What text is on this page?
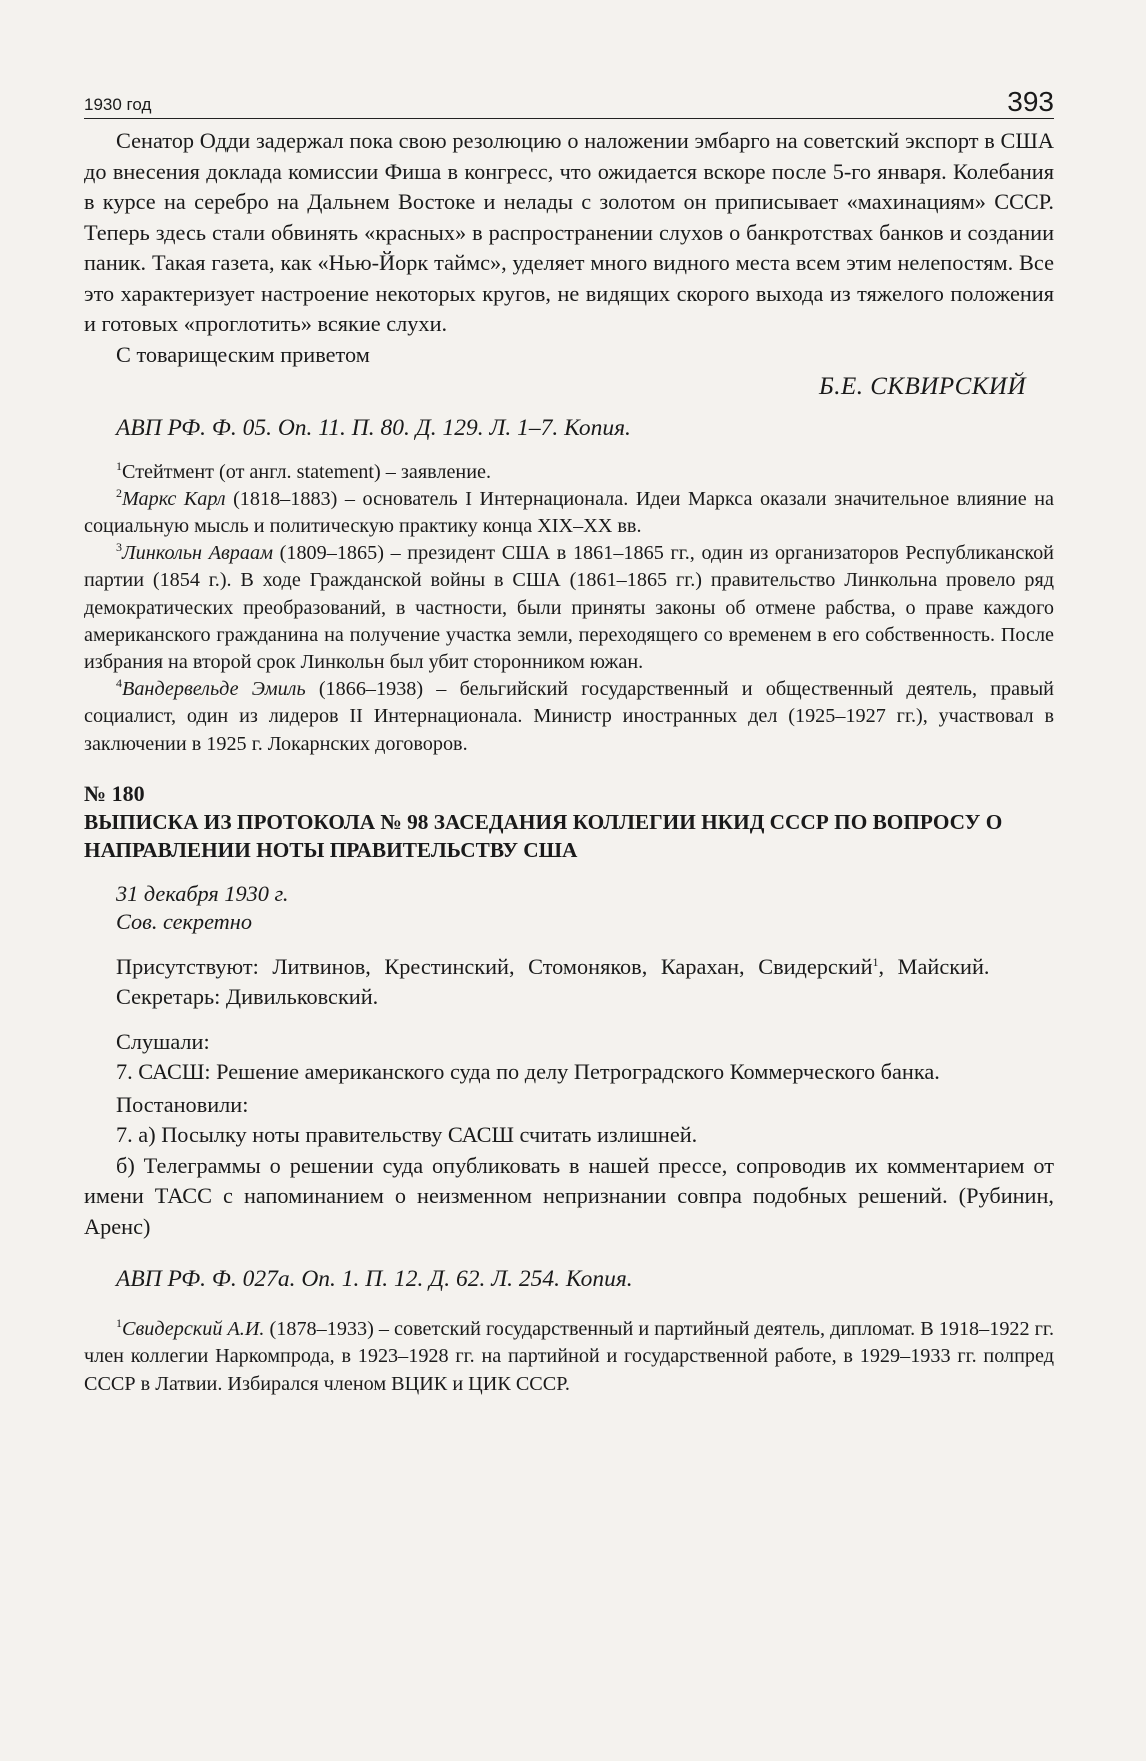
1930 год	393

Сенатор Одди задержал пока свою резолюцию о наложении эмбарго на советский экспорт в США до внесения доклада комиссии Фиша в конгресс, что ожидается вскоре после 5-го января. Колебания в курсе на серебро на Дальнем Востоке и нелады с золотом он приписывает «махинациям» СССР. Теперь здесь стали обвинять «красных» в распространении слухов о банкротствах банков и создании паник. Такая газета, как «Нью-Йорк таймс», уделяет много видного места всем этим нелепостям. Все это характеризует настроение некоторых кругов, не видящих скорого выхода из тяжелого положения и готовых «проглотить» всякие слухи.

С товарищеским приветом
Б.Е. СКВИРСКИЙ

АВП РФ. Ф. 05. Оп. 11. П. 80. Д. 129. Л. 1–7. Копия.

$^1$Стейтмент (от англ. statement) – заявление.

$^2$Маркс Карл (1818–1883) – основатель I Интернационала. Идеи Маркса оказали значительное влияние на социальную мысль и политическую практику конца XIX–XX вв.

$^3$Линкольн Авраам (1809–1865) – президент США в 1861–1865 гг., один из организаторов Республиканской партии (1854 г.). В ходе Гражданской войны в США (1861–1865 гг.) правительство Линкольна провело ряд демократических преобразований, в частности, были приняты законы об отмене рабства, о праве каждого американского гражданина на получение участка земли, переходящего со временем в его собственность. После избрания на второй срок Линкольн был убит сторонником южан.

$^4$Вандервельде Эмиль (1866–1938) – бельгийский государственный и общественный деятель, правый социалист, один из лидеров II Интернационала. Министр иностранных дел (1925–1927 гг.), участвовал в заключении в 1925 г. Локарнских договоров.

№ 180

ВЫПИСКА ИЗ ПРОТОКОЛА № 98 ЗАСЕДАНИЯ КОЛЛЕГИИ НКИД СССР ПО ВОПРОСУ О НАПРАВЛЕНИИ НОТЫ ПРАВИТЕЛЬСТВУ США

31 декабря 1930 г.

Сов. секретно

Присутствуют: Литвинов, Крестинский, Стомоняков, Карахан, Свидерский$^1$, Майский.

Секретарь: Дивильковский.

Слушали:

7. САСШ: Решение американского суда по делу Петроградского Коммерческого банка.

Постановили:

7. а) Посылку ноты правительству САСШ считать излишней.

б) Телеграммы о решении суда опубликовать в нашей прессе, сопроводив их комментарием от имени ТАСС с напоминанием о неизменном непризнании совпра подобных решений. (Рубинин, Аренс)

АВП РФ. Ф. 027а. Оп. 1. П. 12. Д. 62. Л. 254. Копия.

$^1$Свидерский А.И. (1878–1933) – советский государственный и партийный деятель, дипломат. В 1918–1922 гг. член коллегии Наркомпрода, в 1923–1928 гг. на партийной и государственной работе, в 1929–1933 гг. полпред СССР в Латвии. Избирался членом ВЦИК и ЦИК СССР.
